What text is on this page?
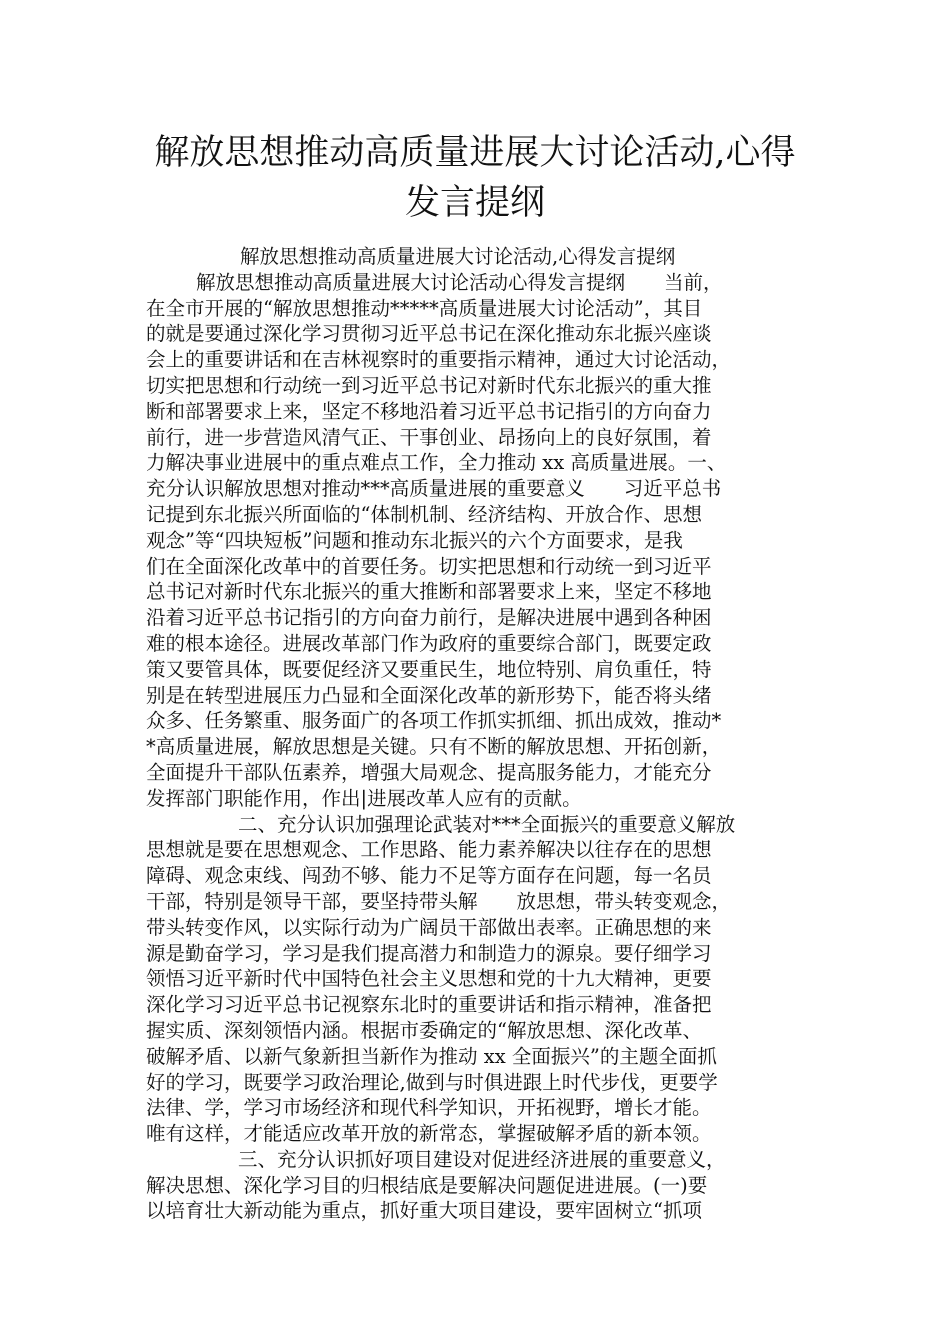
解放思想推动高质量进展大讨论活动,心得
发言提纲
解放思想推动高质量进展大讨论活动,心得发言提纲
解放思想推动高质量进展大讨论活动心得发言提纲　　当前，
在全市开展的“解放思想推动*****高质量进展大讨论活动”，其目
的就是要通过深化学习贯彻习近平总书记在深化推动东北振兴座谈
会上的重要讲话和在吉林视察时的重要指示精神，通过大讨论活动，
切实把思想和行动统一到习近平总书记对新时代东北振兴的重大推
断和部署要求上来，坚定不移地沿着习近平总书记指引的方向奋力
前行，进一步营造风清气正、干事创业、昂扬向上的良好氛围，着
力解决事业进展中的重点难点工作，全力推动 xx 高质量进展。一、
充分认识解放思想对推动***高质量进展的重要意义　　习近平总书
记提到东北振兴所面临的“体制机制、经济结构、开放合作、思想
观念”等“四块短板”问题和推动东北振兴的六个方面要求，是我
们在全面深化改革中的首要任务。切实把思想和行动统一到习近平
总书记对新时代东北振兴的重大推断和部署要求上来，坚定不移地
沿着习近平总书记指引的方向奋力前行，是解决进展中遇到各种困
难的根本途径。进展改革部门作为政府的重要综合部门，既要定政
策又要管具体，既要促经济又要重民生，地位特别、肩负重任，特
别是在转型进展压力凸显和全面深化改革的新形势下，能否将头绪
众多、任务繁重、服务面广的各项工作抓实抓细、抓出成效，推动*
*高质量进展，解放思想是关键。只有不断的解放思想、开拓创新，
全面提升干部队伍素养，增强大局观念、提高服务能力，才能充分
发挥部门职能作用，作出|进展改革人应有的贡献。
二、充分认识加强理论武装对***全面振兴的重要意义解放
思想就是要在思想观念、工作思路、能力素养解决以往存在的思想
障碍、观念束线、闯劲不够、能力不足等方面存在问题，每一名员
干部，特别是领导干部，要坚持带头解　　放思想，带头转变观念，
带头转变作风，以实际行动为广阔员干部做出表率。正确思想的来
源是勤奋学习，学习是我们提高潜力和制造力的源泉。要仔细学习
领悟习近平新时代中国特色社会主义思想和党的十九大精神，更要
深化学习习近平总书记视察东北时的重要讲话和指示精神，准备把
握实质、深刻领悟内涵。根据市委确定的“解放思想、深化改革、
破解矛盾、以新气象新担当新作为推动 xx 全面振兴”的主题全面抓
好的学习，既要学习政治理论,做到与时俱进跟上时代步伐，更要学
法律、学，学习市场经济和现代科学知识，开拓视野，增长才能。
唯有这样，才能适应改革开放的新常态，掌握破解矛盾的新本领。
三、充分认识抓好项目建设对促进经济进展的重要意义，
解决思想、深化学习目的归根结底是要解决问题促进进展。(一)要
以培育壮大新动能为重点，抓好重大项目建设，要牢固树立“抓项
